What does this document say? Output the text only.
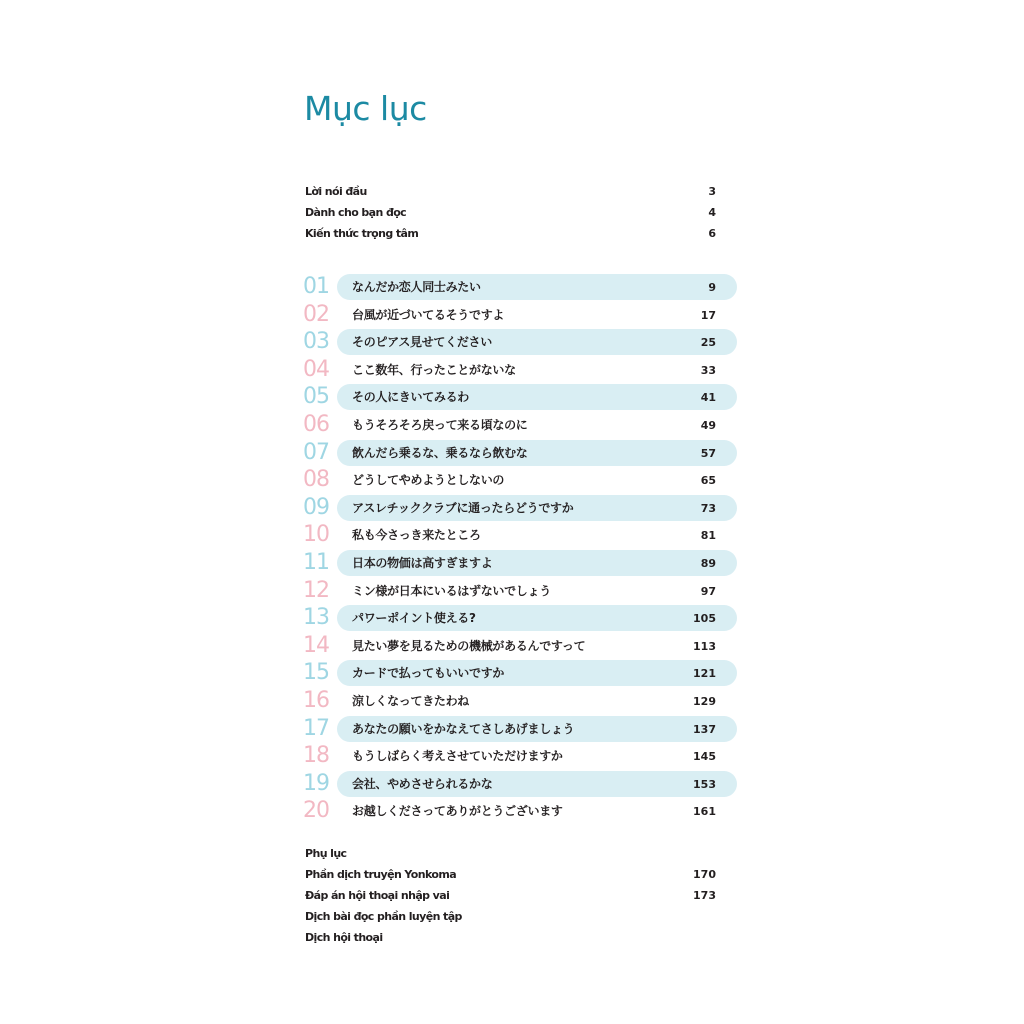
Mục lục
Lời nói đầu	3
Dành cho bạn đọc	4
Kiến thức trọng tâm	6
01	なんだか恋人同士みたい	9
02	台風が近づいてるそうですよ	17
03	そのピアス見せてください	25
04	ここ数年、行ったことがないな	33
05	その人にきいてみるわ	41
06	もうそろそろ戻って来る頃なのに	49
07	飲んだら乗るな、乗るなら飲むな	57
08	どうしてやめようとしないの	65
09	アスレチッククラブに通ったらどうですか	73
10	私も今さっき来たところ	81
11	日本の物価は高すぎますよ	89
12	ミン様が日本にいるはずないでしょう	97
13	パワーポイント使える?	105
14	見たい夢を見るための機械があるんですって	113
15	カードで払ってもいいですか	121
16	涼しくなってきたわね	129
17	あなたの願いをかなえてさしあげましょう	137
18	もうしばらく考えさせていただけますか	145
19	会社、やめさせられるかな	153
20	お越しくださってありがとうございます	161
Phụ lục
Phần dịch truyện Yonkoma	170
Đáp án hội thoại nhập vai	173
Dịch bài đọc phần luyện tập
Dịch hội thoại
